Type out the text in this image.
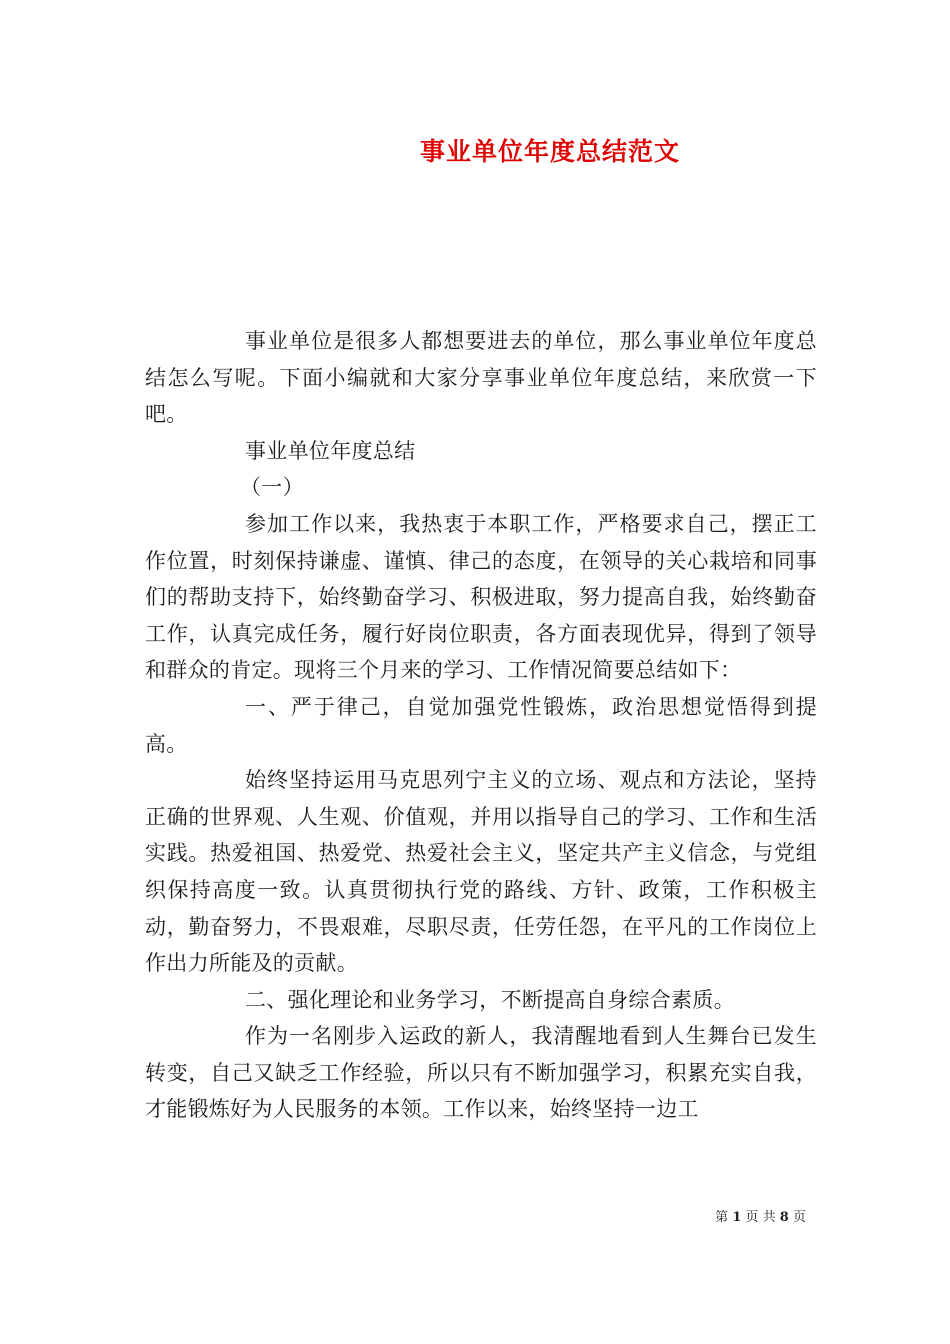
事业单位年度总结范文

事业单位是很多人都想要进去的单位，那么事业单位年度总结怎么写呢。下面小编就和大家分享事业单位年度总结，来欣赏一下吧。

事业单位年度总结

（一）

参加工作以来，我热衷于本职工作，严格要求自己，摆正工作位置，时刻保持谦虚、谨慎、律己的态度，在领导的关心栽培和同事们的帮助支持下，始终勤奋学习、积极进取，努力提高自我，始终勤奋工作，认真完成任务，履行好岗位职责，各方面表现优异，得到了领导和群众的肯定。现将三个月来的学习、工作情况简要总结如下：

一、严于律己，自觉加强党性锻炼，政治思想觉悟得到提高。

始终坚持运用马克思列宁主义的立场、观点和方法论，坚持正确的世界观、人生观、价值观，并用以指导自己的学习、工作和生活实践。热爱祖国、热爱党、热爱社会主义，坚定共产主义信念，与党组织保持高度一致。认真贯彻执行党的路线、方针、政策，工作积极主动，勤奋努力，不畏艰难，尽职尽责，任劳任怨，在平凡的工作岗位上作出力所能及的贡献。

二、强化理论和业务学习，不断提高自身综合素质。

作为一名刚步入运政的新人，我清醒地看到人生舞台已发生转变，自己又缺乏工作经验，所以只有不断加强学习，积累充实自我，才能锻炼好为人民服务的本领。工作以来，始终坚持一边工

第 1 页 共 8 页
